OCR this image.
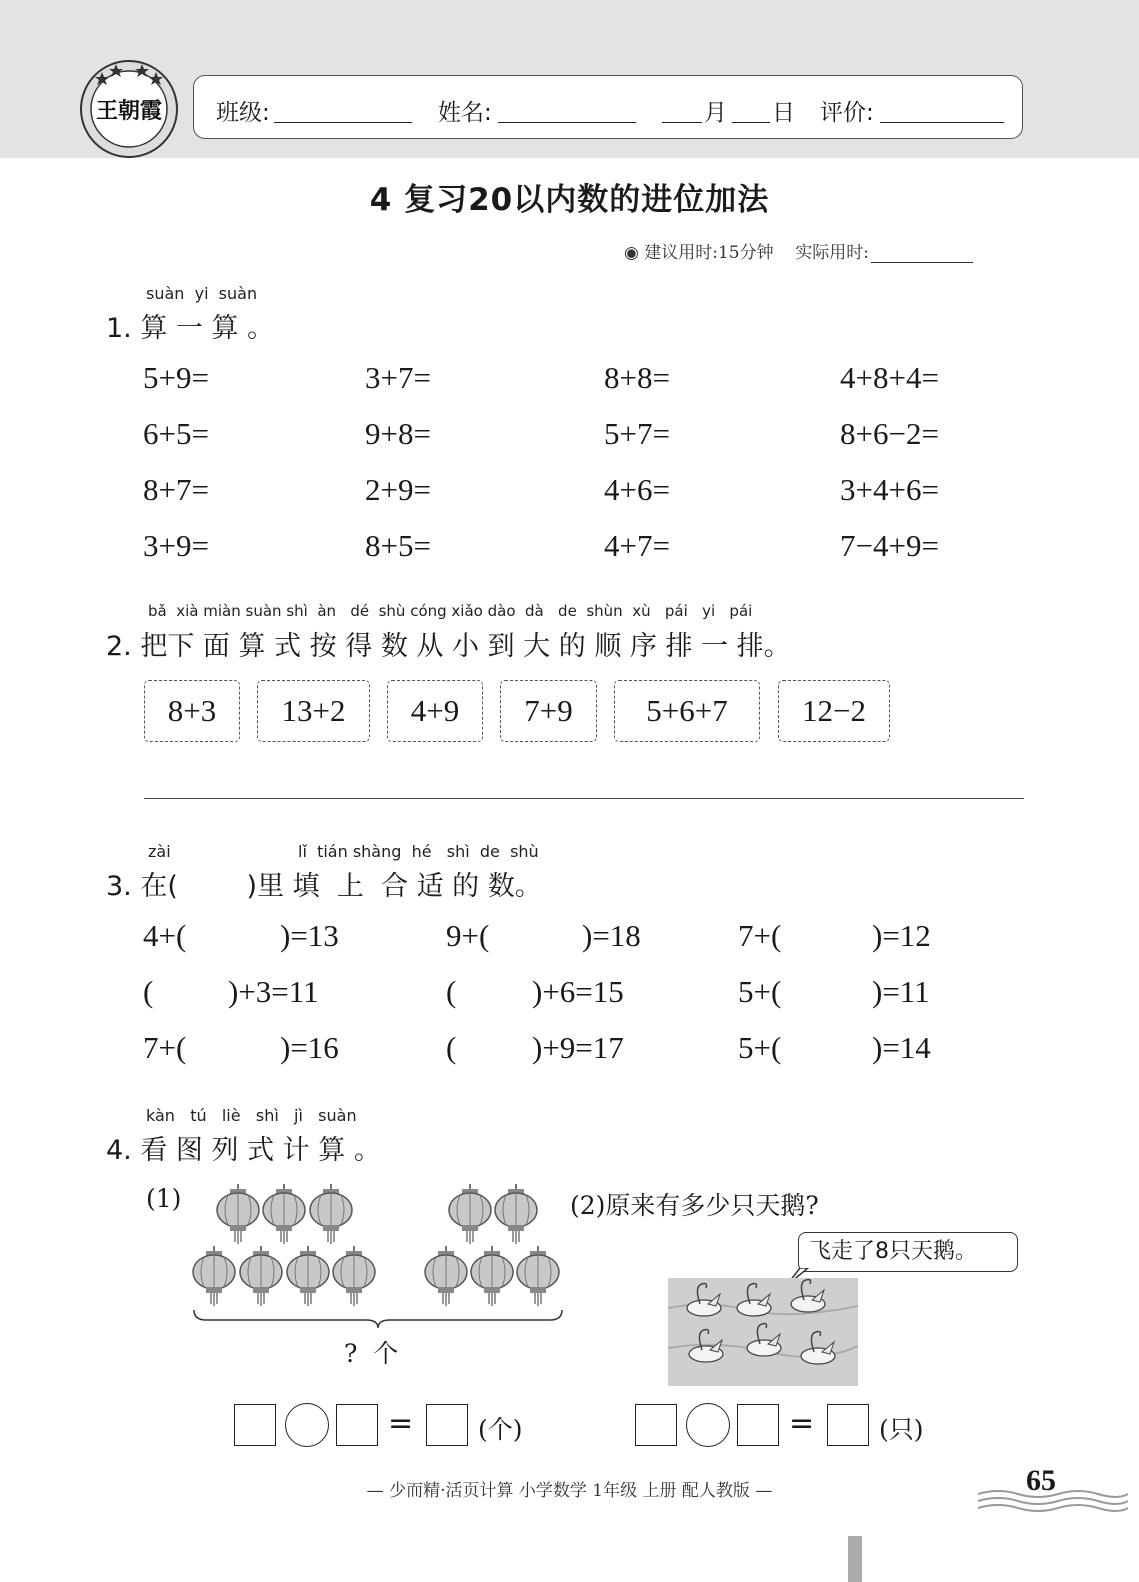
王朝霞 班级:	姓名:	月 日 评价:
4 复习20以内数的进位加法
◉ 建议用时:15分钟 实际用时:
suàn  yi  suàn
1. 算 一 算 。
5+9=	3+7=	8+8=	4+8+4=
6+5=	9+8=	5+7=	8+6−2=
8+7=	2+9=	4+6=	3+4+6=
3+9=	8+5=	4+7=	7−4+9=
bǎ  xià miàn suàn shì  àn   dé  shù cóng xiǎo dào  dà   de  shùn  xù   pái   yi   pái
2. 把下 面 算 式 按 得 数 从 小 到 大 的 顺 序 排 一 排。
8+3	13+2	4+9	7+9	5+6+7	12−2
zài	lǐ  tián shàng  hé   shì  de  shù
3. 在(        )里 填  上  合 适 的 数。
4+(	)=13	9+(	)=18	7+(	)=12
( )+3=11	( )+6=15	5+(	)=11
7+(	)=16	( )+9=17	5+(	)=14
kàn   tú   liè   shì   jì   suàn
4. 看 图 列 式 计 算 。
(1)
?  个
(2)原来有多少只天鹅?
飞走了8只天鹅。
=	(个)	=	(只)
— 少而精·活页计算 小学数学 1年级 上册 配人教版 —	65
